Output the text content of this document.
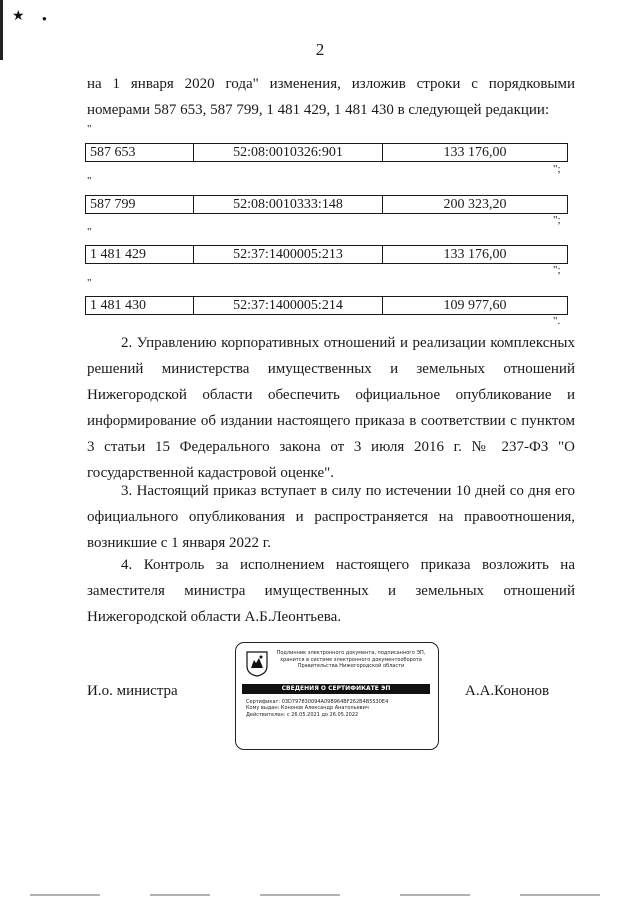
★ ●
2

на 1 января 2020 года" изменения, изложив строки с порядковыми номерами 587 653, 587 799, 1 481 429, 1 481 430 в следующей редакции:

"
587 653	52:08:0010326:901	133 176,00
";
"
587 799	52:08:0010333:148	200 323,20
";
"
1 481 429	52:37:1400005:213	133 176,00
";
"
1 481 430	52:37:1400005:214	109 977,60
".

2. Управлению корпоративных отношений и реализации комплексных решений министерства имущественных и земельных отношений Нижегородской области обеспечить официальное опубликование и информирование об издании настоящего приказа в соответствии с пунктом 3 статьи 15 Федерального закона от 3 июля 2016 г. № 237-ФЗ "О государственной кадастровой оценке".

3. Настоящий приказ вступает в силу по истечении 10 дней со дня его официального опубликования и распространяется на правоотношения, возникшие с 1 января 2022 г.

4. Контроль за исполнением настоящего приказа возложить на заместителя министра имущественных и земельных отношений Нижегородской области А.Б.Леонтьева.

И.о. министра
Подлинник электронного документа, подписанного ЭП,
хранится в системе электронного документооборота
Правительства Нижегородской области
СВЕДЕНИЯ О СЕРТИФИКАТЕ ЭП
Сертификат: 03D797830094A09B964BF262B4B5530E4
Кому выдан: Кононов Александр Анатольевич
Действителен: с 26.05.2021 до 26.05.2022
А.А.Кононов
